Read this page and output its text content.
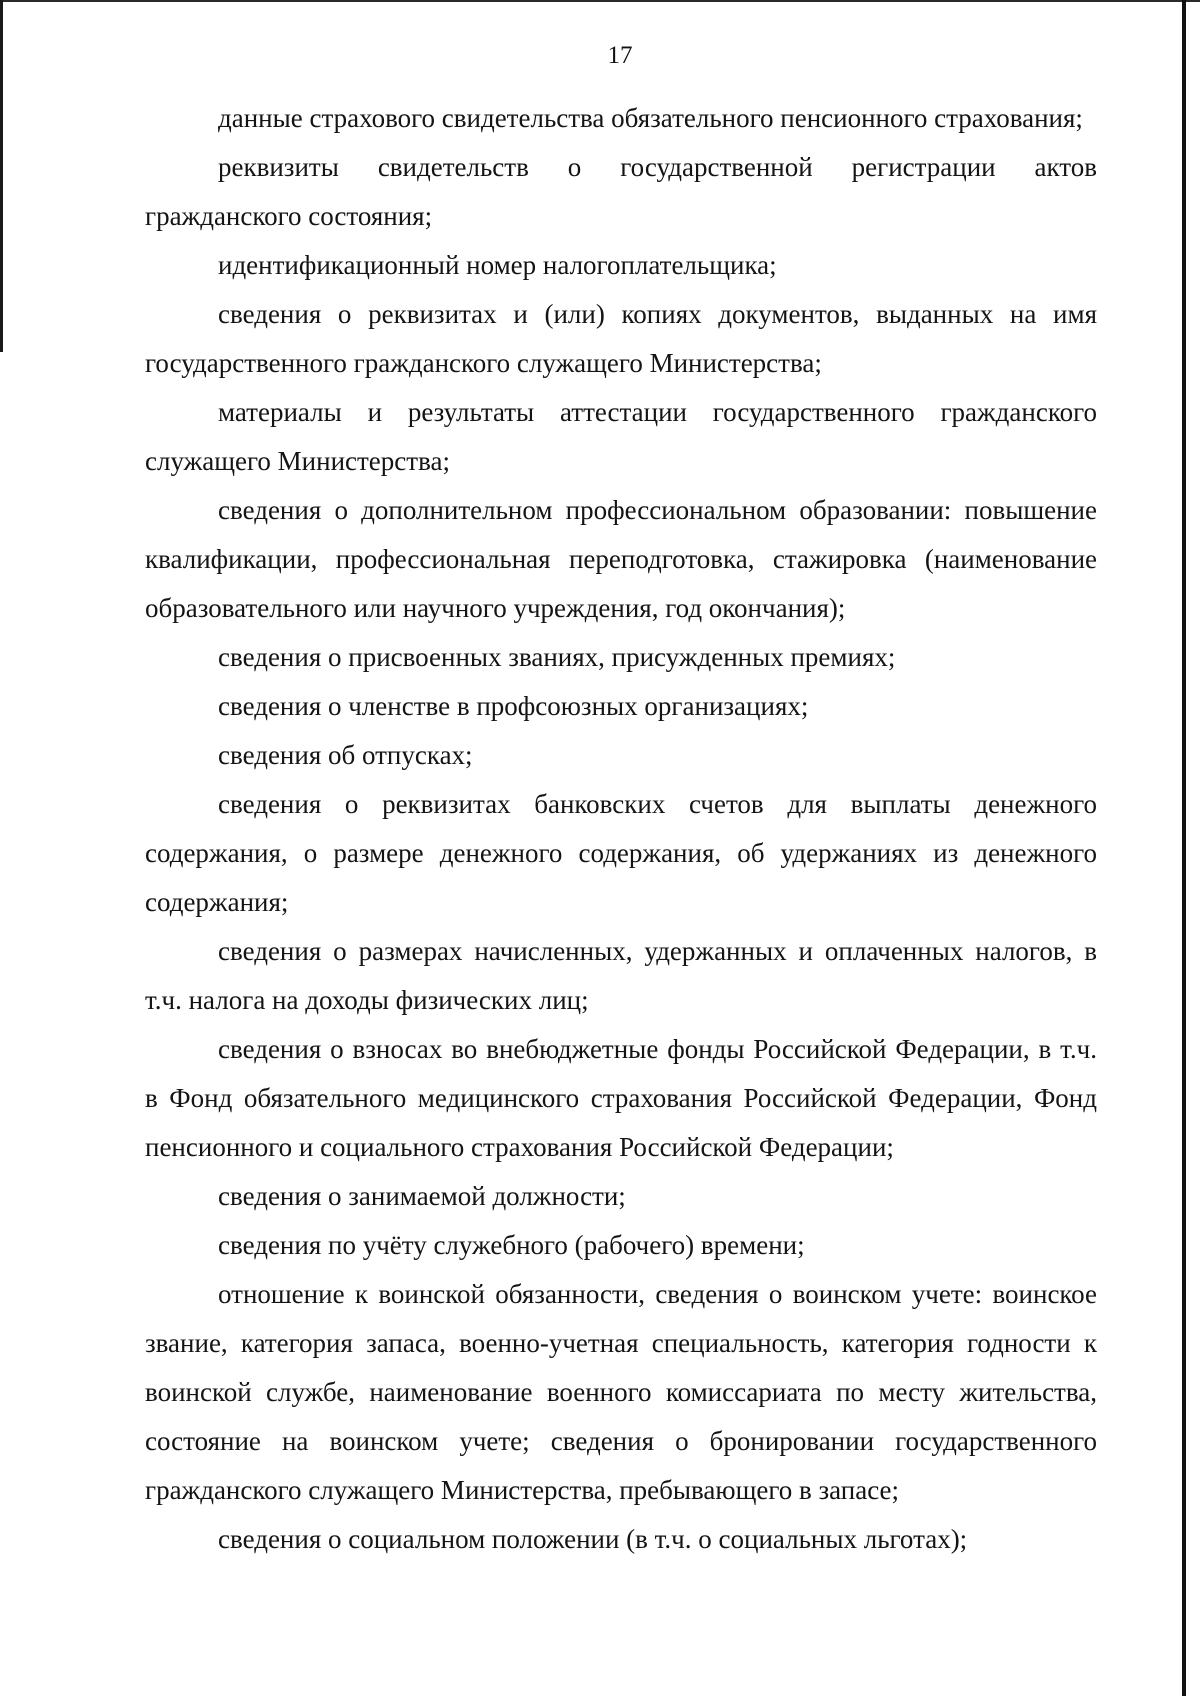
17

данные страхового свидетельства обязательного пенсионного страхования;

реквизиты свидетельств о государственной регистрации актов гражданского состояния;

идентификационный номер налогоплательщика;

сведения о реквизитах и (или) копиях документов, выданных на имя государственного гражданского служащего Министерства;

материалы и результаты аттестации государственного гражданского служащего Министерства;

сведения о дополнительном профессиональном образовании: повышение квалификации, профессиональная переподготовка, стажировка (наименование образовательного или научного учреждения, год окончания);

сведения о присвоенных званиях, присужденных премиях;

сведения о членстве в профсоюзных организациях;

сведения об отпусках;

сведения о реквизитах банковских счетов для выплаты денежного содержания, о размере денежного содержания, об удержаниях из денежного содержания;

сведения о размерах начисленных, удержанных и оплаченных налогов, в т.ч. налога на доходы физических лиц;

сведения о взносах во внебюджетные фонды Российской Федерации, в т.ч. в Фонд обязательного медицинского страхования Российской Федерации, Фонд пенсионного и социального страхования Российской Федерации;

сведения о занимаемой должности;

сведения по учёту служебного (рабочего) времени;

отношение к воинской обязанности, сведения о воинском учете: воинское звание, категория запаса, военно-учетная специальность, категория годности к воинской службе, наименование военного комиссариата по месту жительства, состояние на воинском учете; сведения о бронировании государственного гражданского служащего Министерства, пребывающего в запасе;

сведения о социальном положении (в т.ч. о социальных льготах);
